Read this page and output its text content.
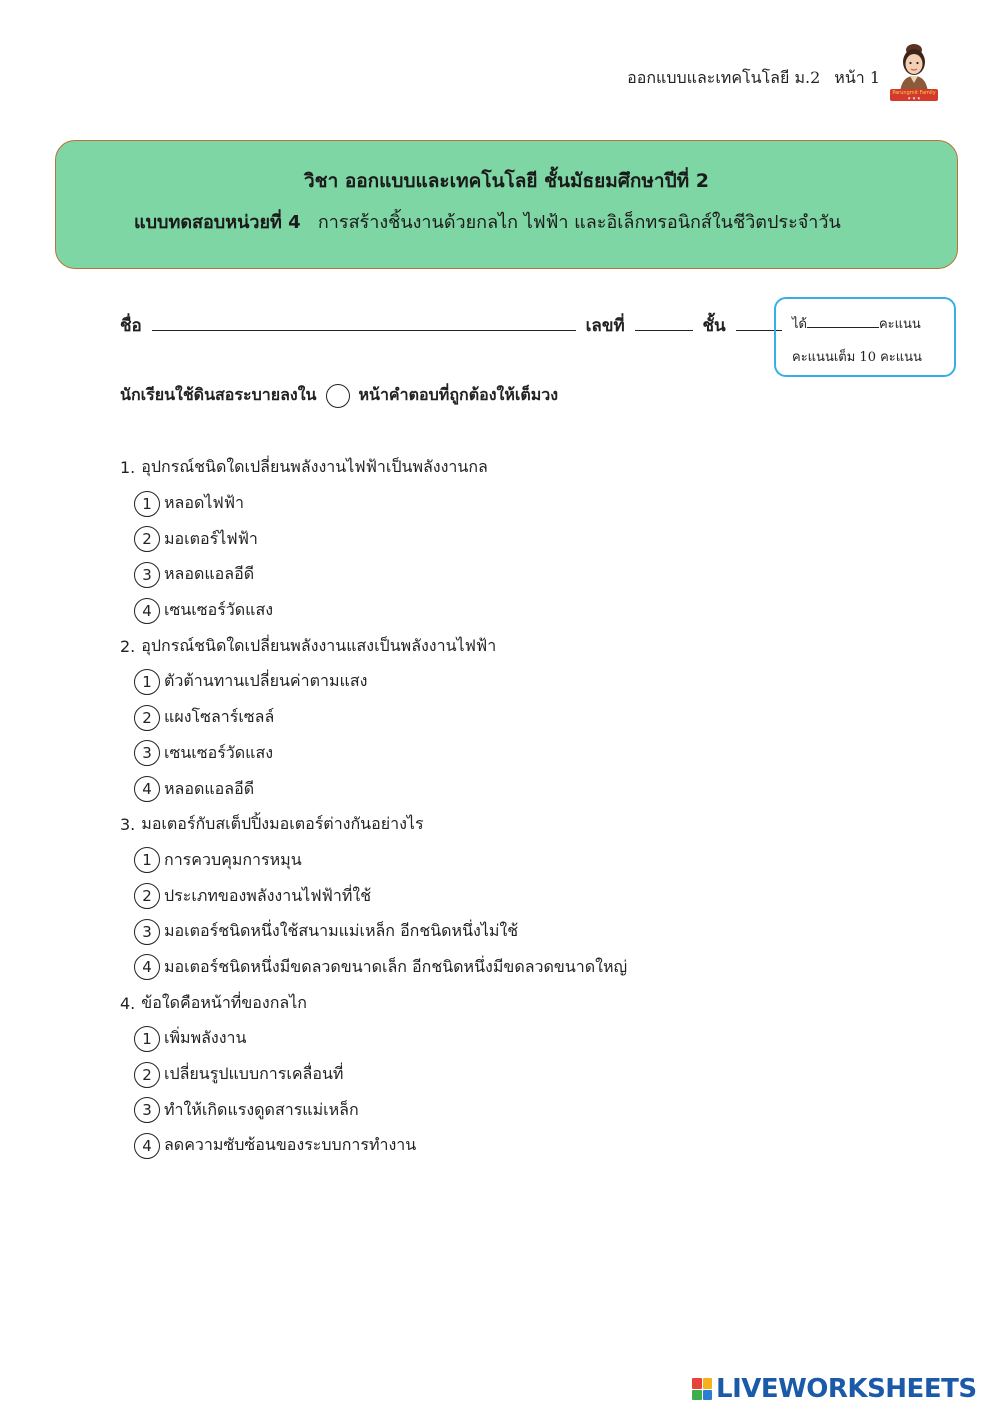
ออกแบบและเทคโนโลยี ม.2 หน้า 1
Parungmit Family
★ ★ ★
วิชา ออกแบบและเทคโนโลยี ชั้นมัธยมศึกษาปีที่ 2
แบบทดสอบหน่วยที่ 4 การสร้างชิ้นงานด้วยกลไก ไฟฟ้า และอิเล็กทรอนิกส์ในชีวิตประจำวัน
ชื่อ	เลขที่	ชั้น	ได้	คะแนน
คะแนนเต็ม 10 คะแนน
นักเรียนใช้ดินสอระบายลงใน	หน้าคำตอบที่ถูกต้องให้เต็มวง
1. อุปกรณ์ชนิดใดเปลี่ยนพลังงานไฟฟ้าเป็นพลังงานกล
1 หลอดไฟฟ้า
2 มอเตอร์ไฟฟ้า
3 หลอดแอลอีดี
4 เซนเซอร์วัดแสง
2. อุปกรณ์ชนิดใดเปลี่ยนพลังงานแสงเป็นพลังงานไฟฟ้า
1 ตัวต้านทานเปลี่ยนค่าตามแสง
2 แผงโซลาร์เซลล์
3 เซนเซอร์วัดแสง
4 หลอดแอลอีดี
3. มอเตอร์กับสเต็ปปิ้งมอเตอร์ต่างกันอย่างไร
1 การควบคุมการหมุน
2 ประเภทของพลังงานไฟฟ้าที่ใช้
3 มอเตอร์ชนิดหนึ่งใช้สนามแม่เหล็ก อีกชนิดหนึ่งไม่ใช้
4 มอเตอร์ชนิดหนึ่งมีขดลวดขนาดเล็ก อีกชนิดหนึ่งมีขดลวดขนาดใหญ่
4. ข้อใดคือหน้าที่ของกลไก
1 เพิ่มพลังงาน
2 เปลี่ยนรูปแบบการเคลื่อนที่
3 ทำให้เกิดแรงดูดสารแม่เหล็ก
4 ลดความซับซ้อนของระบบการทำงาน
LIVEWORKSHEETS
